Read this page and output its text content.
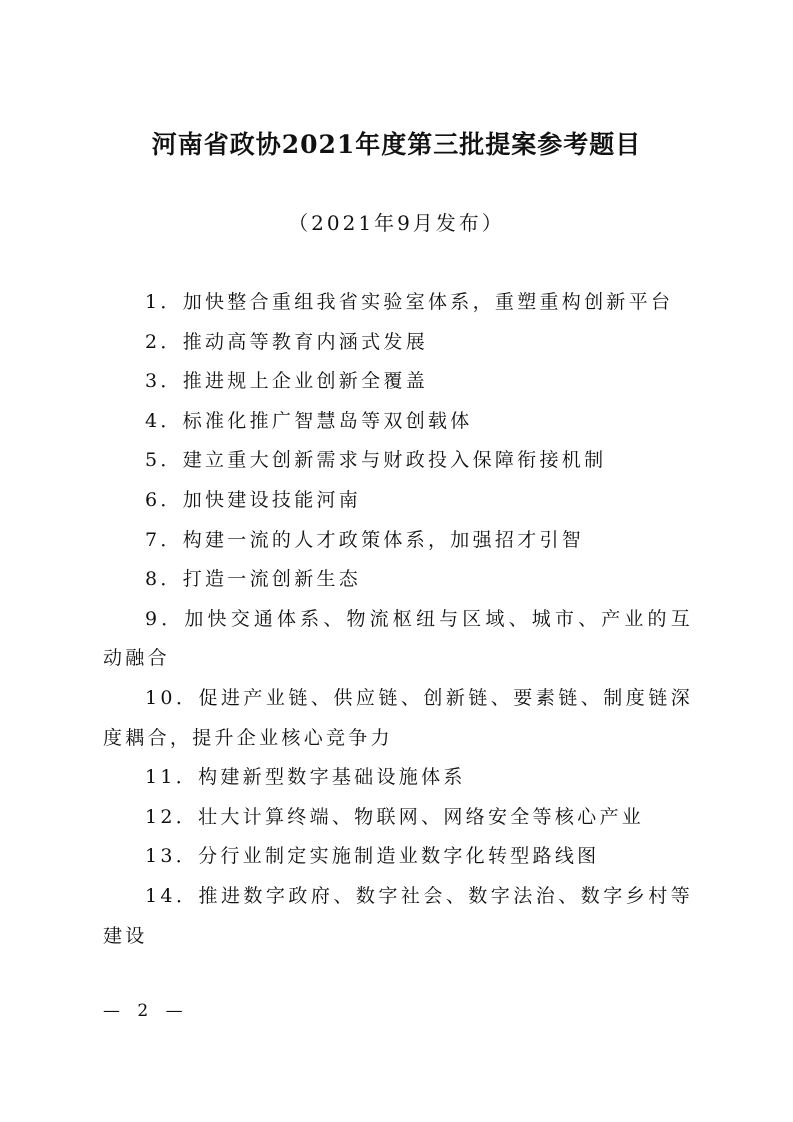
河南省政协2021年度第三批提案参考题目
（2021年9月发布）

1．加快整合重组我省实验室体系，重塑重构创新平台

2．推动高等教育内涵式发展

3．推进规上企业创新全覆盖

4．标准化推广智慧岛等双创载体

5．建立重大创新需求与财政投入保障衔接机制

6．加快建设技能河南

7．构建一流的人才政策体系，加强招才引智

8．打造一流创新生态

9．加快交通体系、物流枢纽与区域、城市、产业的互动融合

10．促进产业链、供应链、创新链、要素链、制度链深度耦合，提升企业核心竞争力

11．构建新型数字基础设施体系

12．壮大计算终端、物联网、网络安全等核心产业

13．分行业制定实施制造业数字化转型路线图

14．推进数字政府、数字社会、数字法治、数字乡村等建设

— 2 —
